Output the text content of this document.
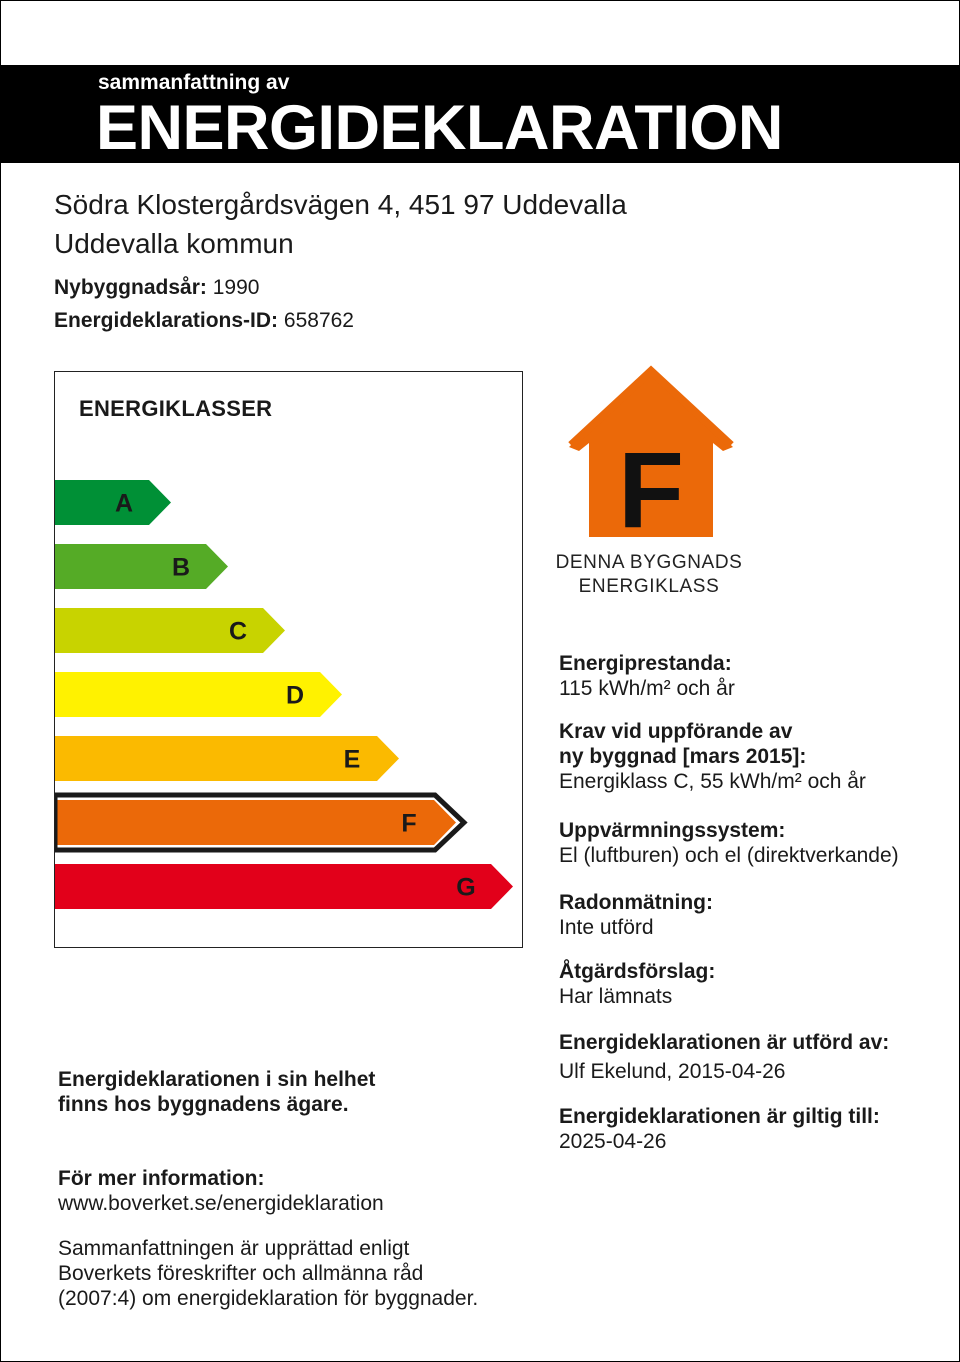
sammanfattning av
ENERGIDEKLARATION
Södra Klostergårdsvägen 4, 451 97 Uddevalla
Uddevalla kommun
Nybyggnadsår: 1990
Energideklarations-ID: 658762
ENERGIKLASSER
A
B
C
D
E
F
G
F
DENNA BYGGNADS
ENERGIKLASS
Energiprestanda:
115 kWh/m² och år
Krav vid uppförande av
ny byggnad [mars 2015]:
Energiklass C, 55 kWh/m² och år
Uppvärmningssystem:
El (luftburen) och el (direktverkande)
Radonmätning:
Inte utförd
Åtgärdsförslag:
Har lämnats
Energideklarationen är utförd av:
Ulf Ekelund, 2015-04-26
Energideklarationen är giltig till:
2025-04-26
Energideklarationen i sin helhet
finns hos byggnadens ägare.
För mer information:
www.boverket.se/energideklaration
Sammanfattningen är upprättad enligt
Boverkets föreskrifter och allmänna råd
(2007:4) om energideklaration för byggnader.
